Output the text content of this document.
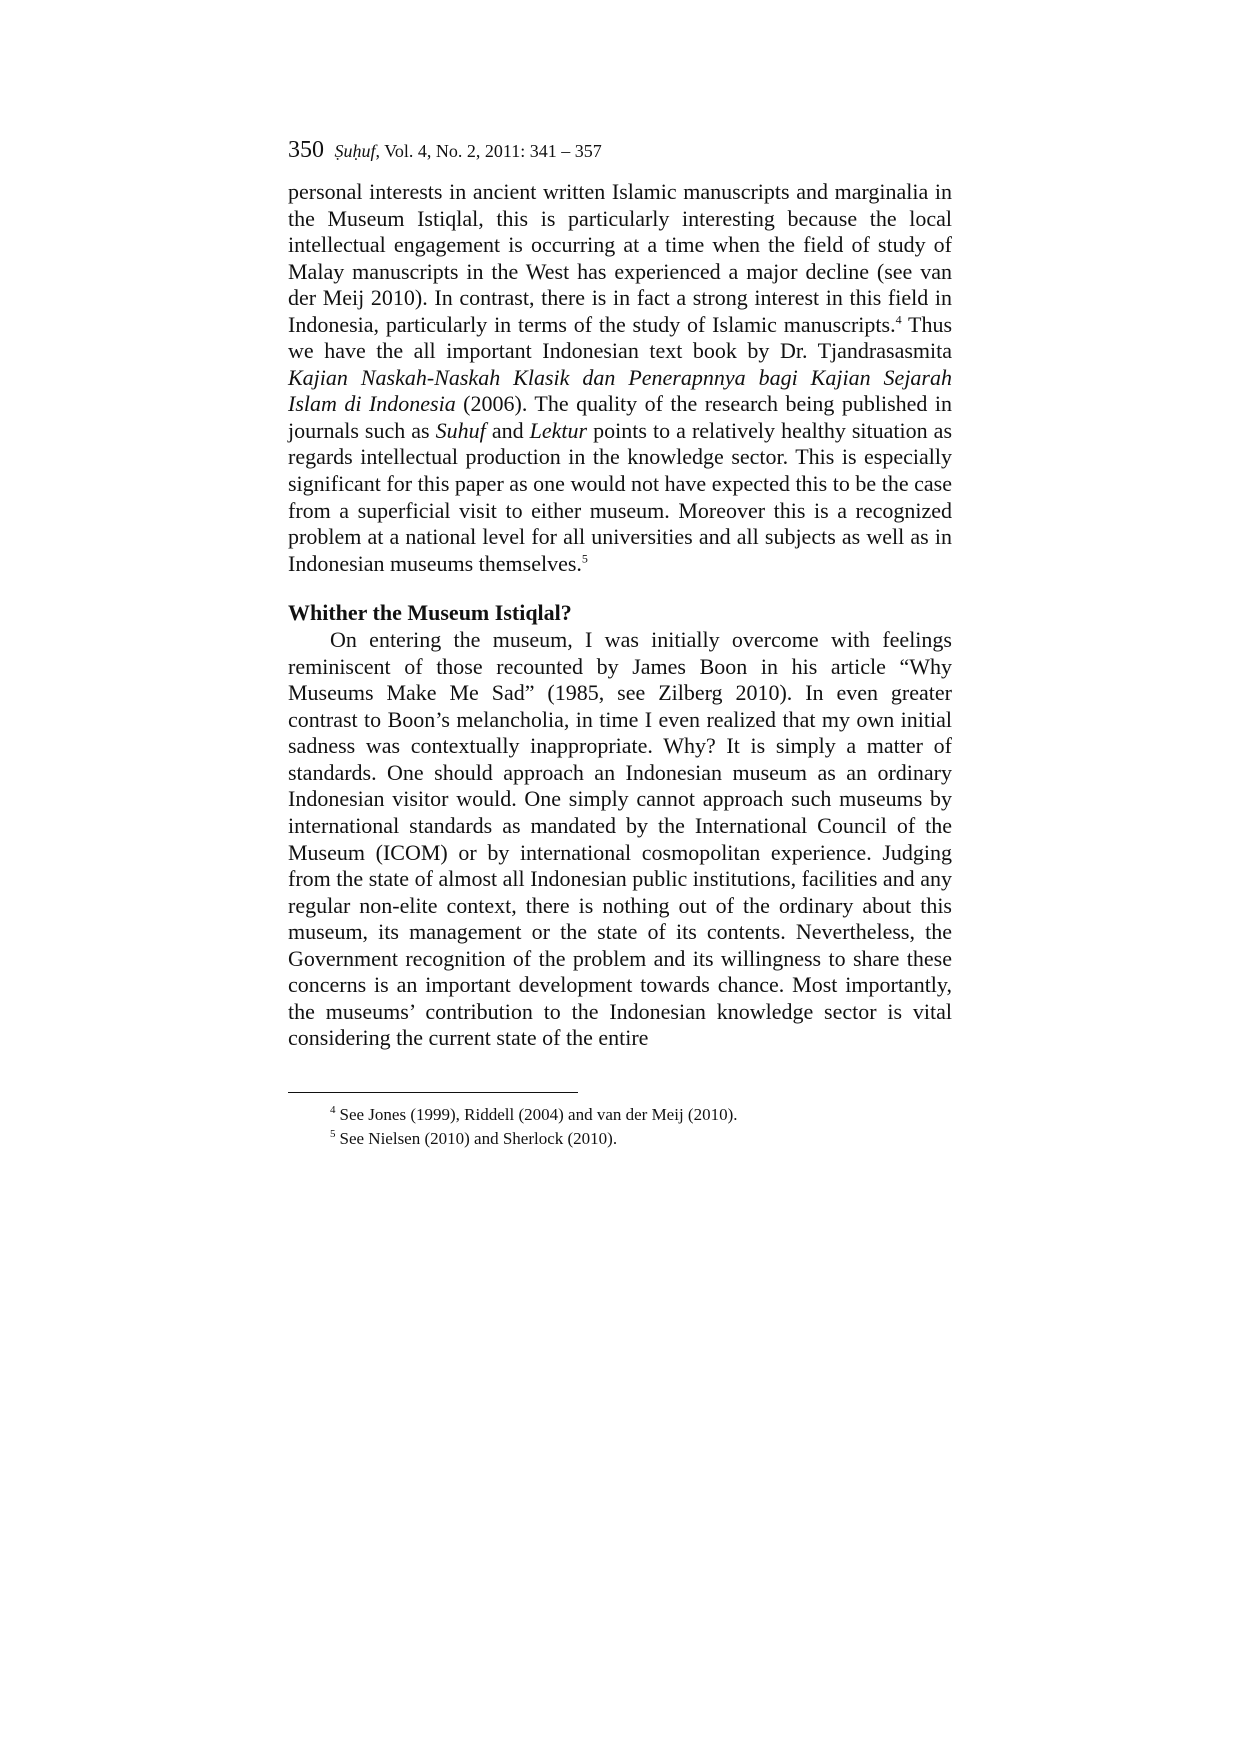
350 Ṣuḥuf, Vol. 4, No. 2, 2011: 341 – 357

personal interests in ancient written Islamic manuscripts and marginalia in the Museum Istiqlal, this is particularly interesting because the local intellectual engagement is occurring at a time when the field of study of Malay manuscripts in the West has experienced a major decline (see van der Meij 2010). In contrast, there is in fact a strong interest in this field in Indonesia, particularly in terms of the study of Islamic manuscripts.$^4$ Thus we have the all important Indonesian text book by Dr. Tjandrasasmita Kajian Naskah-Naskah Klasik dan Penerapnnya bagi Kajian Sejarah Islam di Indonesia (2006). The quality of the research being published in journals such as Suhuf and Lektur points to a relatively healthy situation as regards intellectual production in the knowledge sector. This is especially significant for this paper as one would not have expected this to be the case from a superficial visit to either museum. Moreover this is a recognized problem at a national level for all universities and all subjects as well as in Indonesian museums themselves.$^5$

Whither the Museum Istiqlal?

On entering the museum, I was initially overcome with feelings reminiscent of those recounted by James Boon in his article “Why Museums Make Me Sad” (1985, see Zilberg 2010). In even greater contrast to Boon’s melancholia, in time I even realized that my own initial sadness was contextually inappropriate. Why? It is simply a matter of standards. One should approach an Indonesian museum as an ordinary Indonesian visitor would. One simply cannot approach such museums by international standards as mandated by the International Council of the Museum (ICOM) or by international cosmopolitan experience. Judging from the state of almost all Indonesian public institutions, facilities and any regular non-elite context, there is nothing out of the ordinary about this museum, its management or the state of its contents. Nevertheless, the Government recognition of the problem and its willingness to share these concerns is an important development towards chance. Most importantly, the museums’ contribution to the Indonesian knowledge sector is vital considering the current state of the entire

$^4$ See Jones (1999), Riddell (2004) and van der Meij (2010).

$^5$ See Nielsen (2010) and Sherlock (2010).
